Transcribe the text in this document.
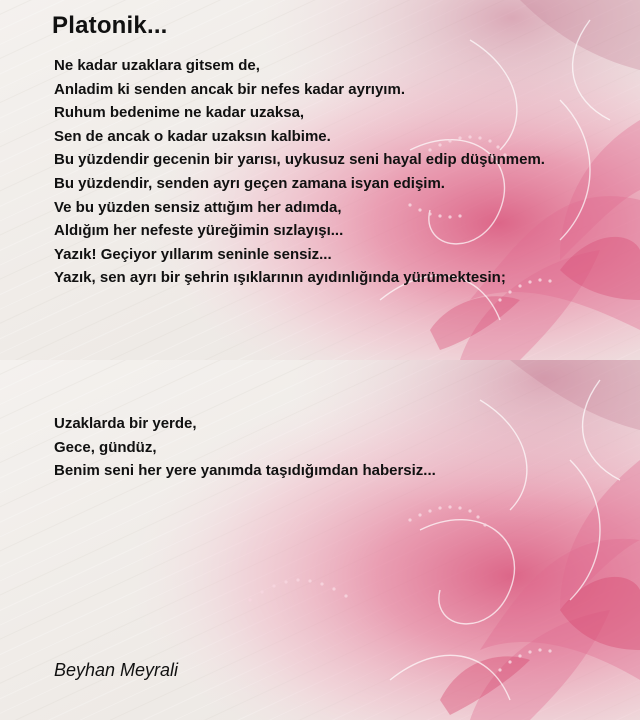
Platonik...
Ne kadar uzaklara gitsem de,
Anladim ki senden ancak bir nefes kadar ayrıyım.
Ruhum bedenime ne kadar uzaksa,
Sen de ancak o kadar uzaksın kalbime.
Bu yüzdendir gecenin bir yarısı, uykusuz seni hayal edip düşünmem.
Bu yüzdendir, senden ayrı geçen zamana isyan edişim.
Ve bu yüzden sensiz attığım her adımda,
Aldığım her nefeste yüreğimin sızlayışı...
Yazık! Geçiyor yıllarım seninle sensiz...
Yazık, sen ayrı bir şehrin ışıklarının ayıdınlığında yürümektesin;
Uzaklarda bir yerde,
Gece, gündüz,
Benim seni her yere yanımda taşıdığımdan habersiz...

Beyhan Meyrali
